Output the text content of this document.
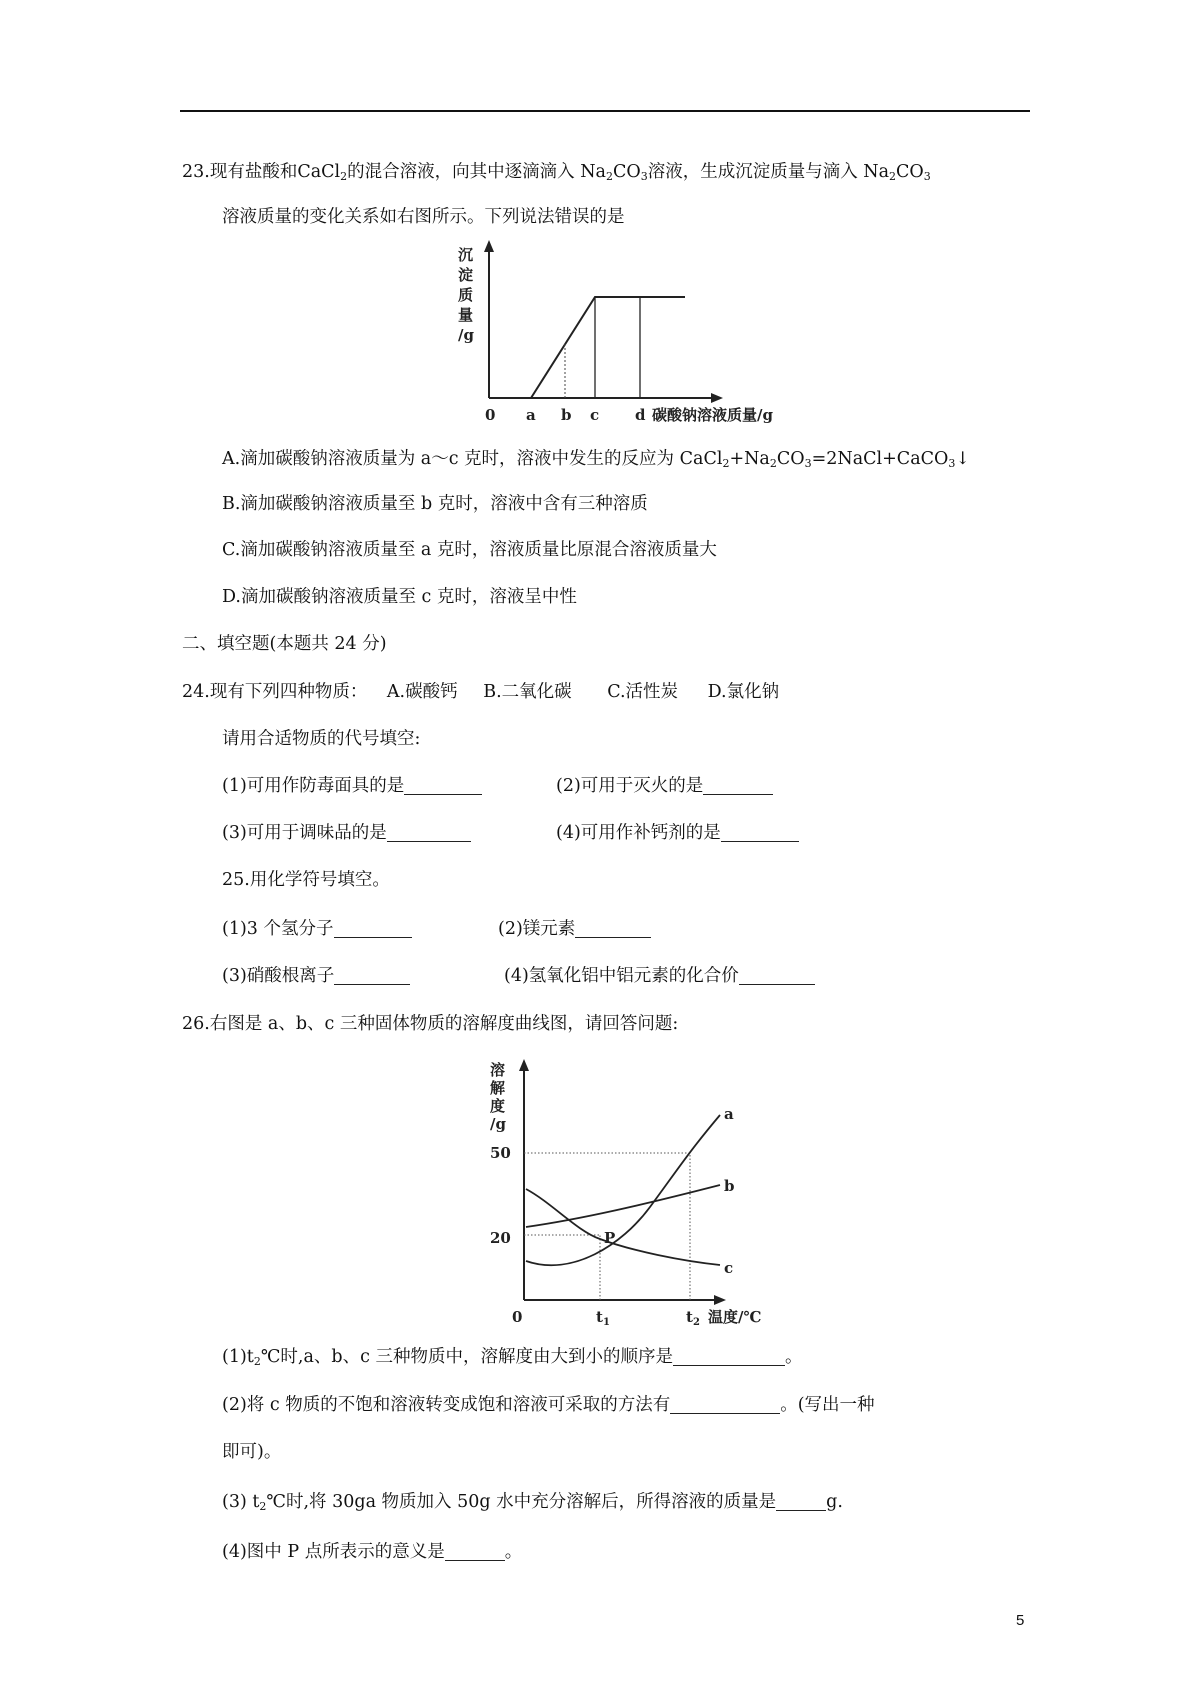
23.现有盐酸和CaCl$_2$的混合溶液，向其中逐滴滴入 $Na_2CO_3$溶液，生成沉淀质量与滴入 $Na_2CO_3$
溶液质量的变化关系如右图所示。下列说法错误的是
沉
淀
质
量
/g
0 a b c d 碳酸钠溶液质量/g
A.滴加碳酸钠溶液质量为 a～c 克时，溶液中发生的反应为 $CaCl_2+Na_2CO_3=2NaCl+CaCO_3↓$
B.滴加碳酸钠溶液质量至 b 克时，溶液中含有三种溶质
C.滴加碳酸钠溶液质量至 a 克时，溶液质量比原混合溶液质量大
D.滴加碳酸钠溶液质量至 c 克时，溶液呈中性
二、填空题(本题共 24 分)
24.现有下列四种物质： A.碳酸钙 B.二氧化碳 C.活性炭 D.氯化钠
请用合适物质的代号填空:
(1)可用作防毒面具的是	(2)可用于灭火的是
(3)可用于调味品的是	(4)可用作补钙剂的是
25.用化学符号填空。
(1)3 个氢分子	(2)镁元素
(3)硝酸根离子	(4)氢氧化铝中铝元素的化合价
26.右图是 a、b、c 三种固体物质的溶解度曲线图，请回答问题:
溶
解
度
/g
50
20
0	$t_1$	$t_2$ 温度/℃
a
b
c
P
$(1)t_2℃$时,a、b、c 三种物质中，溶解度由大到小的顺序是	。
(2)将 c 物质的不饱和溶液转变成饱和溶液可采取的方法有	。(写出一种
即可)。
(3) $t_2℃$时,将 30ga 物质加入 50g 水中充分溶解后，所得溶液的质量是	g.
(4)图中 P 点所表示的意义是	。
5
